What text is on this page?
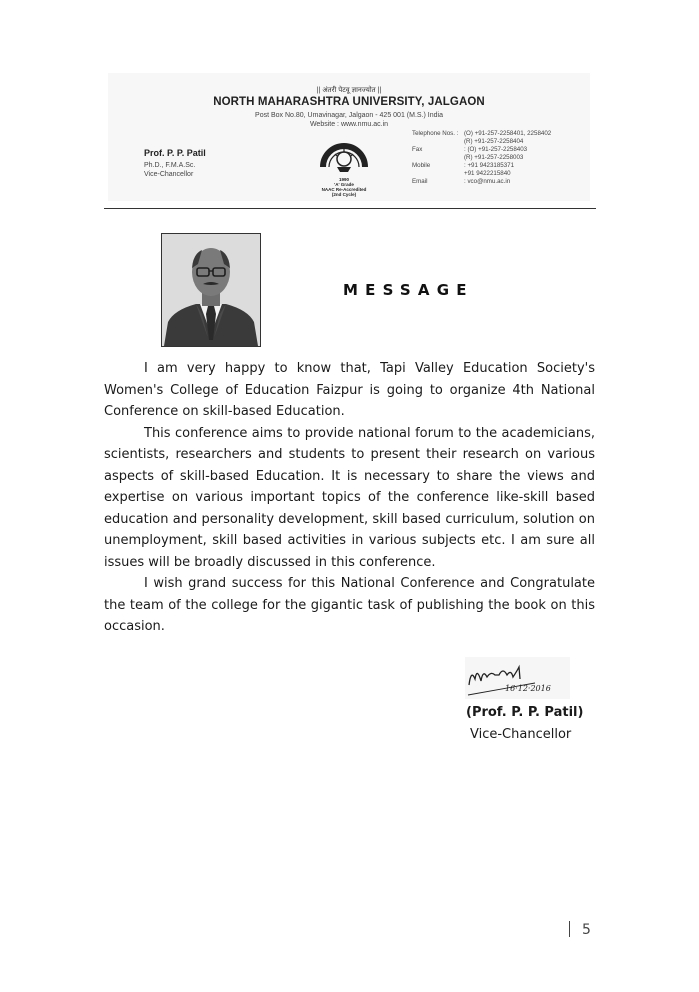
|| अंतरी पेटवू ज्ञानज्योत ||
NORTH MAHARASHTRA UNIVERSITY, JALGAON
Post Box No.80, Umavinagar, Jalgaon - 425 001 (M.S.) India
Website : www.nmu.ac.in
Prof. P. P. Patil
Ph.D., F.M.A.Sc.
Vice-Chancellor
1990
'A' Grade
NAAC Re-Accredited
(2nd Cycle)
Telephone Nos. : (O) +91-257-2258401, 2258402
(R) +91-257-2258404
Fax	: (O) +91-257-2258403
(R) +91-257-2258003
Mobile	: +91 9423185371
+91 9422215840
Email	: vco@nmu.ac.in
MESSAGE

I am very happy to know that, Tapi Valley Education Society's Women's College of Education Faizpur is going to organize 4th National Conference on skill-based Education.

This conference aims to provide national forum to the academicians, scientists, researchers and students to present their research on various aspects of skill-based Education. It is necessary to share the views and expertise on various important topics of the conference like-skill based education and personality development, skill based curriculum, solution on unemployment, skill based activities in various subjects etc. I am sure all issues will be broadly discussed in this conference.

I wish grand success for this National Conference and Congratulate the team of the college for the gigantic task of publishing the book on this occasion.

16·12·2016
(Prof. P. P. Patil)
Vice-Chancellor
5
